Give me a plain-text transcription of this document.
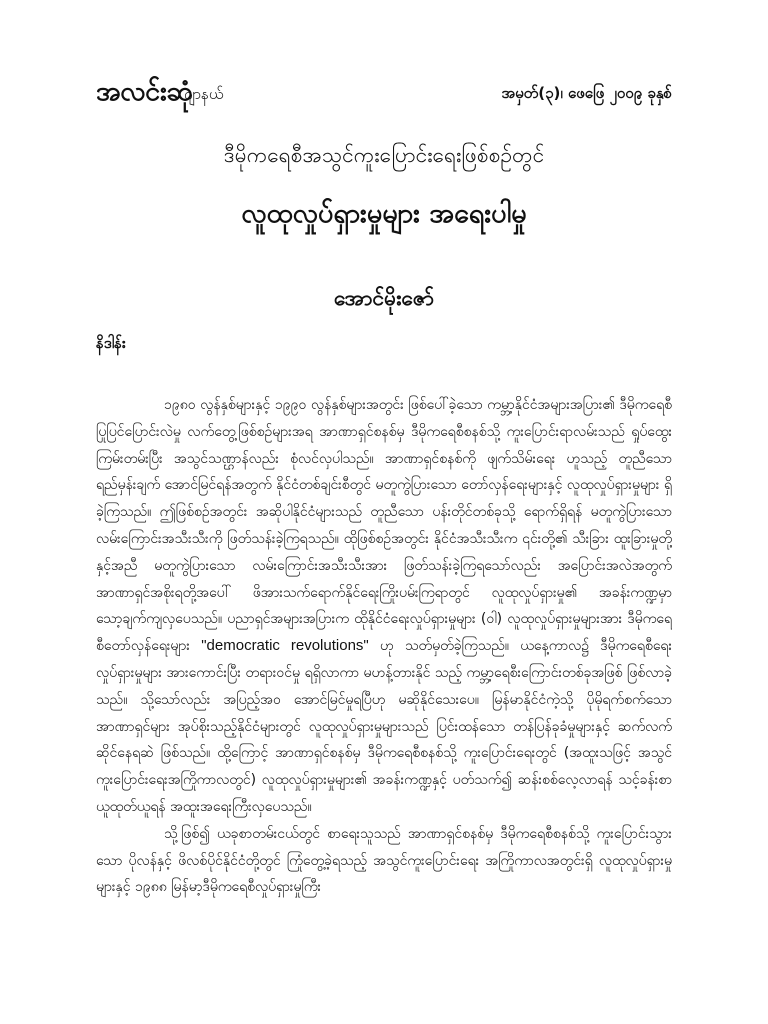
အလင်းဆုံ
ဂျာနယ်	အမှတ်(၃)၊ ဖေဖြေ ၂၀၀၉ ခုနှစ်
ဒီမိုကရေစီအသွင်ကူးပြောင်းရေးဖြစ်စဉ်တွင်
လူထုလှုပ်ရှားမှုများ အရေးပါမှု
အောင်မိုးဇော်
နိဒါန်း

၁၉၈၀ လွန်နှစ်များနှင့် ၁၉၉၀ လွန်နှစ်များအတွင်း ဖြစ်ပေါ်ခဲ့သော ကမ္ဘာ့နိုင်ငံအများအပြား၏ ဒီမိုကရေစီ ပြုပြင်ပြောင်းလဲမှု လက်တွေ့ဖြစ်စဉ်များအရ အာဏာရှင်စနစ်မှ ဒီမိုကရေစီစနစ်သို့ ကူးပြောင်းရာလမ်းသည် ရှုပ်ထွေးကြမ်းတမ်းပြီး အသွင်သဏ္ဌာန်လည်း စုံလင်လှပါသည်။ အာဏာရှင်စနစ်ကို ဖျက်သိမ်းရေး ဟူသည့် တူညီသော ရည်မှန်းချက် အောင်မြင်ရန်အတွက် နိုင်ငံတစ်ချင်းစီတွင် မတူကွဲပြားသော တော်လှန်ရေးများနှင့် လူထုလှုပ်ရှားမှုများ ရှိခဲ့ကြသည်။ ဤဖြစ်စဉ်အတွင်း အဆိုပါနိုင်ငံများသည် တူညီသော ပန်းတိုင်တစ်ခုသို့ ရောက်ရှိရန် မတူကွဲပြားသော လမ်းကြောင်းအသီးသီးကို ဖြတ်သန်းခဲ့ကြရသည်။ ထိုဖြစ်စဉ်အတွင်း နိုင်ငံအသီးသီးက ၎င်းတို့၏ သီးခြား ထူးခြားမှုတို့နှင့်အညီ မတူကွဲပြားသော လမ်းကြောင်းအသီးသီးအား ဖြတ်သန်းခဲ့ကြရသော်လည်း အပြောင်းအလဲအတွက် အာဏာရှင်အစိုးရတို့အပေါ် ဖိအားသက်ရောက်နိုင်ရေးကြိုးပမ်းကြရာတွင် လူထုလှုပ်ရှားမှု၏ အခန်းကဏ္ဍမှာ သော့ချက်ကျလှပေသည်။ ပညာရှင်အများအပြားက ထိုနိုင်ငံရေးလှုပ်ရှားမှုများ (ဝါ) လူထုလှုပ်ရှားမှုများအား ဒီမိုကရေစီတော်လှန်ရေးများ "democratic revolutions" ဟု သတ်မှတ်ခဲ့ကြသည်။ ယနေ့ကာလ၌ ဒီမိုကရေစီရေးလှုပ်ရှားမှုများ အားကောင်းပြီး တရားဝင်မှု ရရှိလာကာ မဟန့်တားနိုင် သည့် ကမ္ဘာ့ရေစီးကြောင်းတစ်ခုအဖြစ် ဖြစ်လာခဲ့သည်။ သို့သော်လည်း အပြည့်အဝ အောင်မြင်မှုရပြီဟု မဆိုနိုင်သေးပေ။ မြန်မာနိုင်ငံကဲ့သို့ ပိုမိုရက်စက်သော အာဏာရှင်များ အုပ်စိုးသည့်နိုင်ငံများတွင် လူထုလှုပ်ရှားမှုများသည် ပြင်းထန်သော တန်ပြန်ခုခံမှုများနှင့် ဆက်လက်ဆိုင်နေရဆဲ ဖြစ်သည်။ ထို့ကြောင့် အာဏာရှင်စနစ်မှ ဒီမိုကရေစီစနစ်သို့ ကူးပြောင်းရေးတွင် (အထူးသဖြင့် အသွင်ကူးပြောင်းရေးအကြိုကာလတွင်) လူထုလှုပ်ရှားမှုများ၏ အခန်းကဏ္ဍနှင့် ပတ်သက်၍ ဆန်းစစ်လေ့လာရန် သင့်ခန်းစာယူထုတ်ယူရန် အထူးအရေးကြီးလှပေသည်။

သို့ဖြစ်၍ ယခုစာတမ်းငယ်တွင် စာရေးသူသည် အာဏာရှင်စနစ်မှ ဒီမိုကရေစီစနစ်သို့ ကူးပြောင်းသွားသော ပိုလန်နှင့် ဖိလစ်ပိုင်နိုင်ငံတို့တွင် ကြုံတွေ့ခဲ့ရသည့် အသွင်ကူးပြောင်းရေး အကြိုကာလအတွင်းရှိ လူထုလှုပ်ရှားမှုများနှင့် ၁၉၈၈ မြန်မာ့ဒီမိုကရေစီလှုပ်ရှားမှုကြီး
